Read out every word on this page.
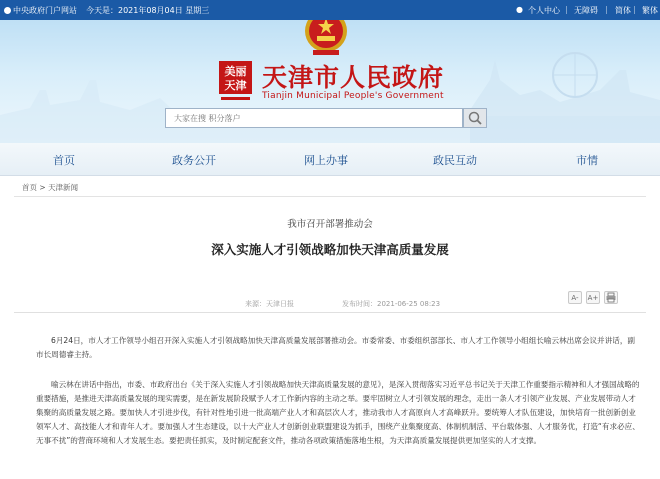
中央政府门户网站 今天是：2021年08月04日 星期三	● 个人中心 | 无障碍 | 简体 | 繁体
美丽
天津 天津市人民政府
Tianjin Municipal People's Government
大家在搜 积分落户
首页	政务公开	网上办事	政民互动	市情
首页 > 天津新闻
我市召开部署推动会
深入实施人才引领战略加快天津高质量发展
A-	A+
来源：天津日报	发布时间：2021-06-25 08:23
6月24日，市人才工作领导小组召开深入实施人才引领战略加快天津高质量发展部署推动会。市委常委、市委组织部部长、市人才工作领导小组组长喻云林出席会议并讲话，副市长周德睿主持。
喻云林在讲话中指出，市委、市政府出台《关于深入实施人才引领战略加快天津高质量发展的意见》，是深入贯彻落实习近平总书记关于天津工作重要指示精神和人才强国战略的重要措施，是推进天津高质量发展的现实需要，是在新发展阶段赋予人才工作新内容的主动之举。要牢固树立人才引领发展的理念，走出一条人才引领产业发展、产业发展带动人才集聚的高质量发展之路。要加快人才引进步伐，有针对性地引进一批高端产业人才和高层次人才，推动我市人才高原向人才高峰跃升。要统筹人才队伍建设，加快培育一批创新创业领军人才、高技能人才和青年人才。要加强人才生态建设，以十大产业人才创新创业联盟建设为抓手，围绕产业集聚度高、体制机制活、平台载体强、人才服务优，打造“有求必应、无事不扰”的营商环境和人才发展生态。要把责任抓实，及时制定配套文件，推动各项政策措施落地生根，为天津高质量发展提供更加坚实的人才支撑。
